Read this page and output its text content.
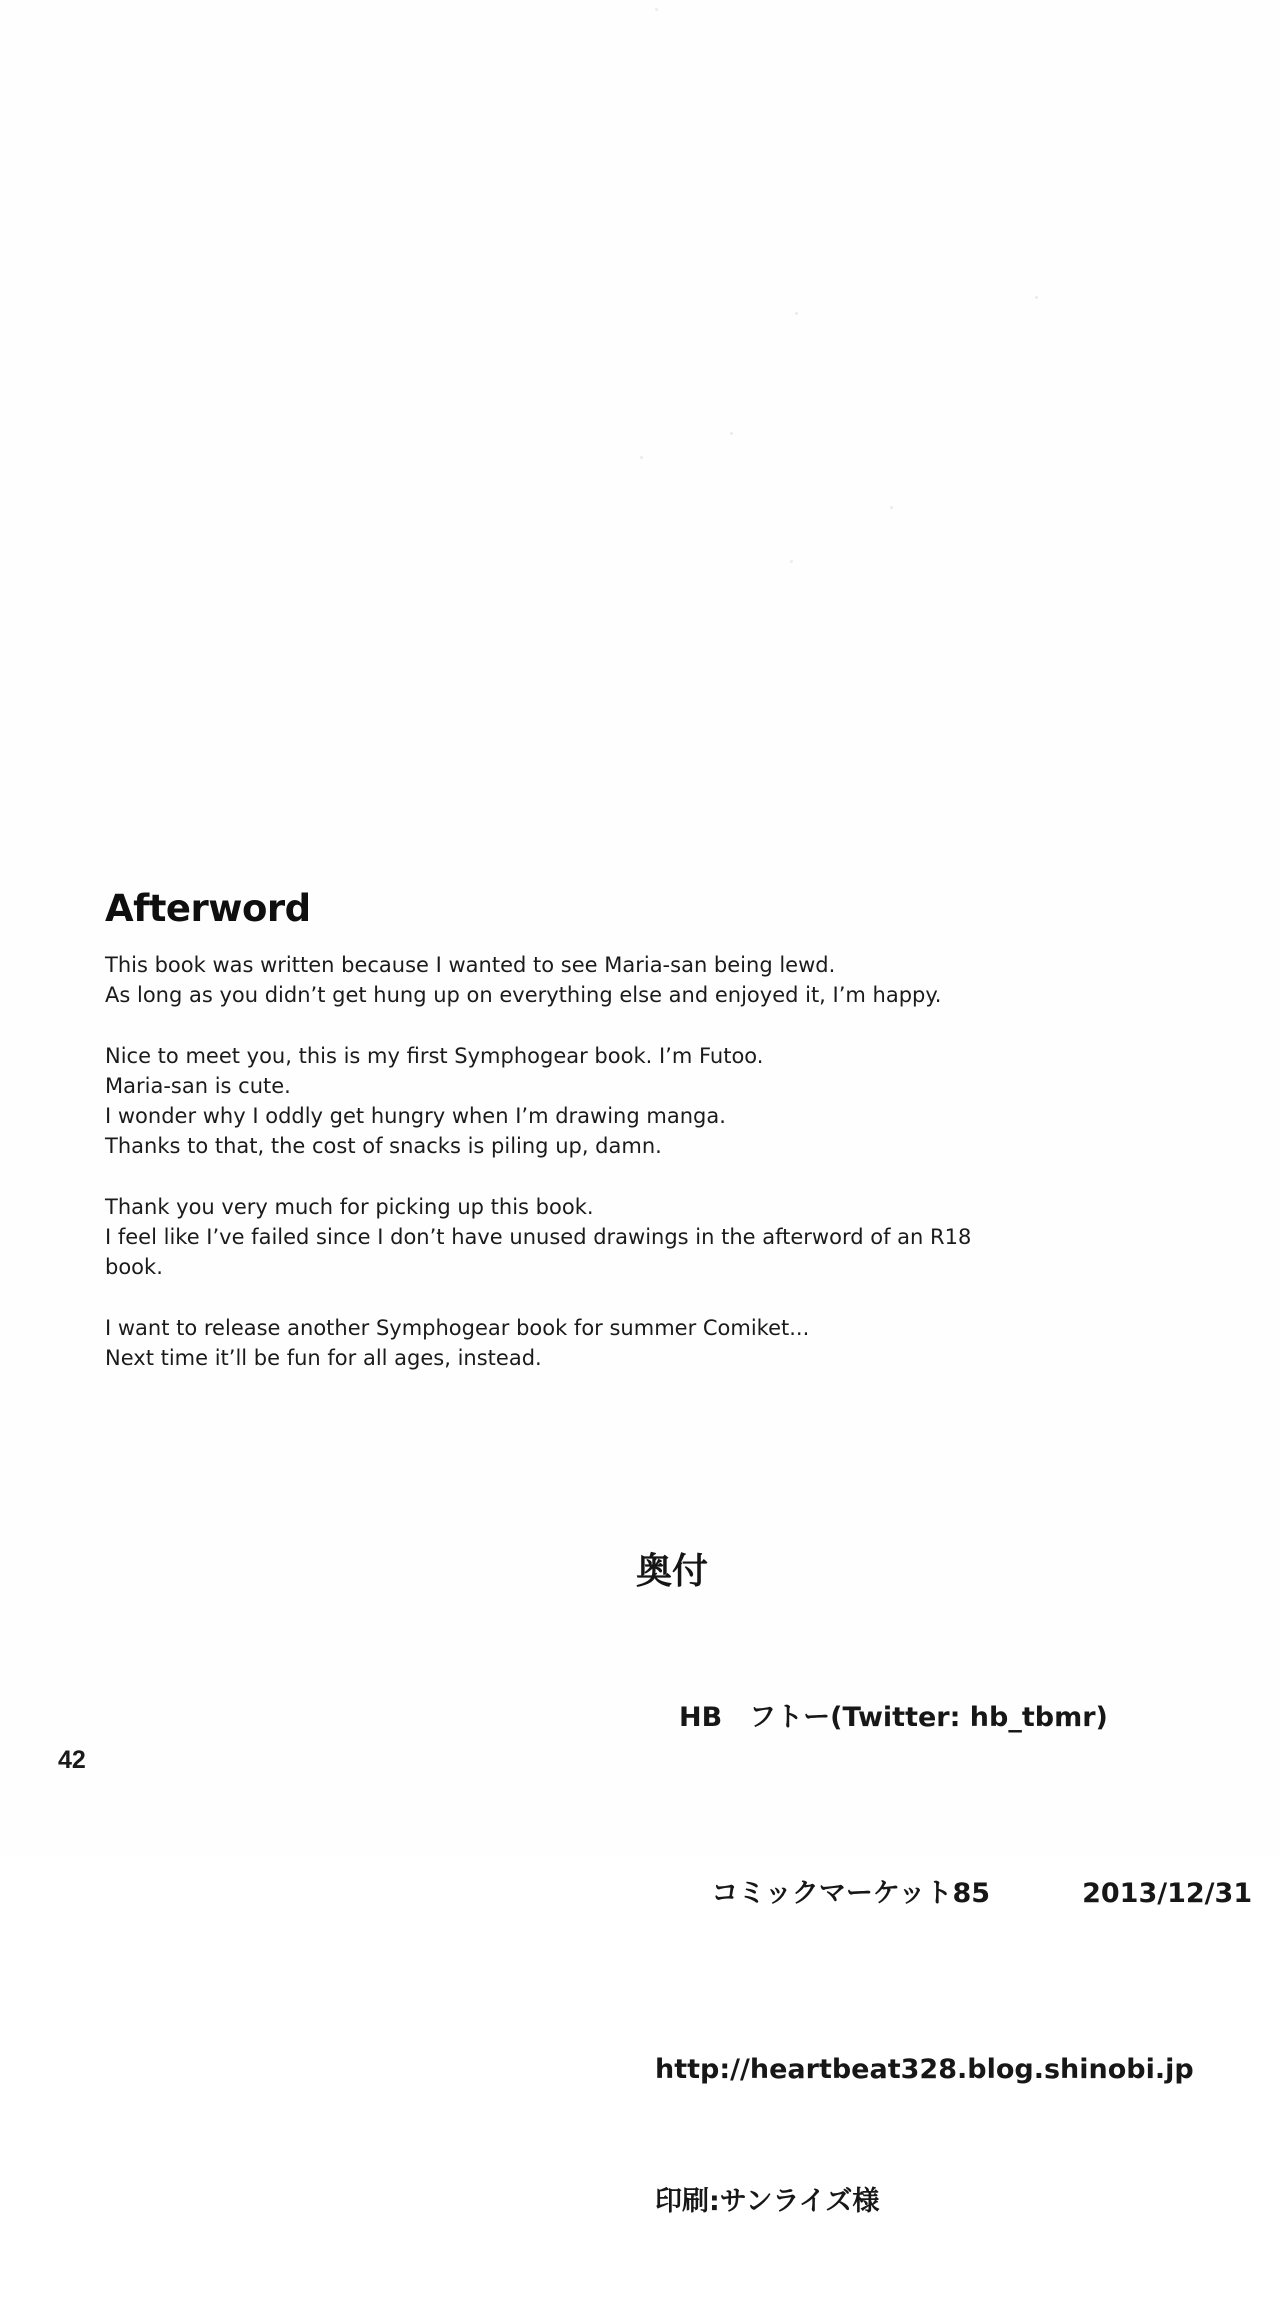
Afterword
This book was written because I wanted to see Maria-san being lewd.
As long as you didn’t get hung up on everything else and enjoyed it, I’m happy.
Nice to meet you, this is my first Symphogear book. I’m Futoo.
Maria-san is cute.
I wonder why I oddly get hungry when I’m drawing manga.
Thanks to that, the cost of snacks is piling up, damn.
Thank you very much for picking up this book.
I feel like I’ve failed since I don’t have unused drawings in the afterword of an R18
book.
I want to release another Symphogear book for summer Comiket...
Next time it’ll be fun for all ages, instead.
奥付

HB　フトー(Twitter: hb_tbmr)

コミックマーケット85	2013/12/31

http://heartbeat328.blog.shinobi.jp

印刷:サンライズ様

42
